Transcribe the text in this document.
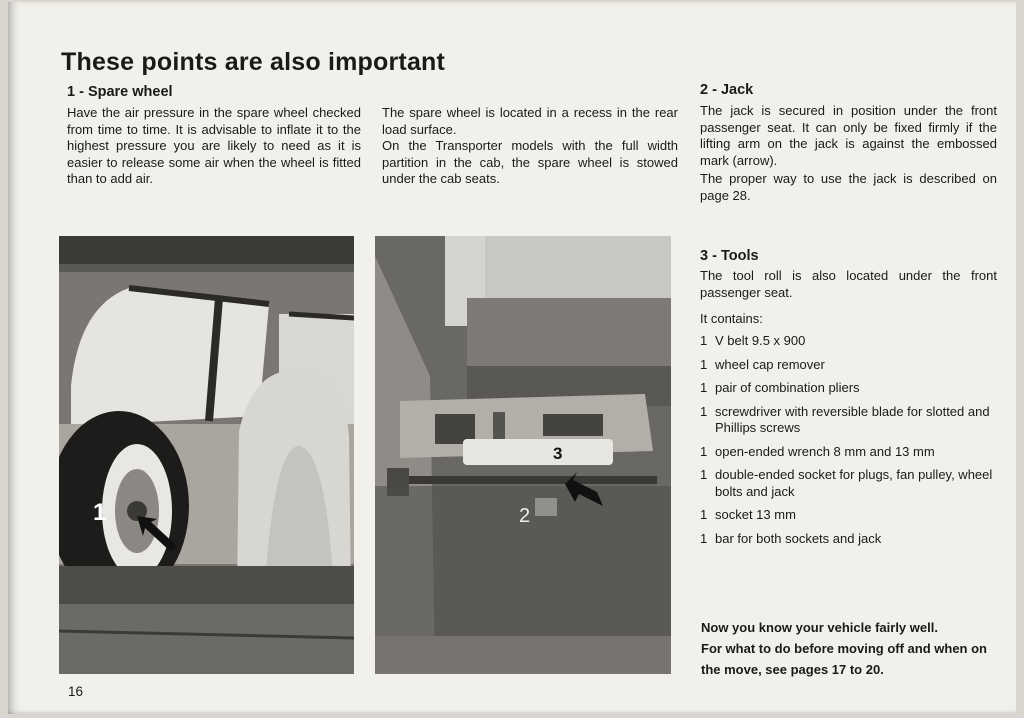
These points are also important
1 - Spare wheel

Have the air pressure in the spare wheel checked from time to time. It is advisable to inflate it to the highest pressure you are likely to need as it is easier to release some air when the wheel is fitted than to add air.

The spare wheel is located in a recess in the rear load surface.

On the Transporter models with the full width partition in the cab, the spare wheel is stowed under the cab seats.

2 - Jack

The jack is secured in position under the front passenger seat. It can only be fixed firmly if the lifting arm on the jack is against the embossed mark (arrow).

The proper way to use the jack is described on page 28.

3 - Tools

The tool roll is also located under the front passenger seat.

It contains:

1 V belt 9.5 x 900
1 wheel cap remover
1 pair of combination pliers
1 screwdriver with reversible blade for slotted and Phillips screws
1 open-ended wrench 8 mm and 13 mm
1 double-ended socket for plugs, fan pulley, wheel bolts and jack
1 socket 13 mm
1 bar for both sockets and jack

Now you know your vehicle fairly well.

For what to do before moving off and when on the move, see pages 17 to 20.

1
3
2
16
